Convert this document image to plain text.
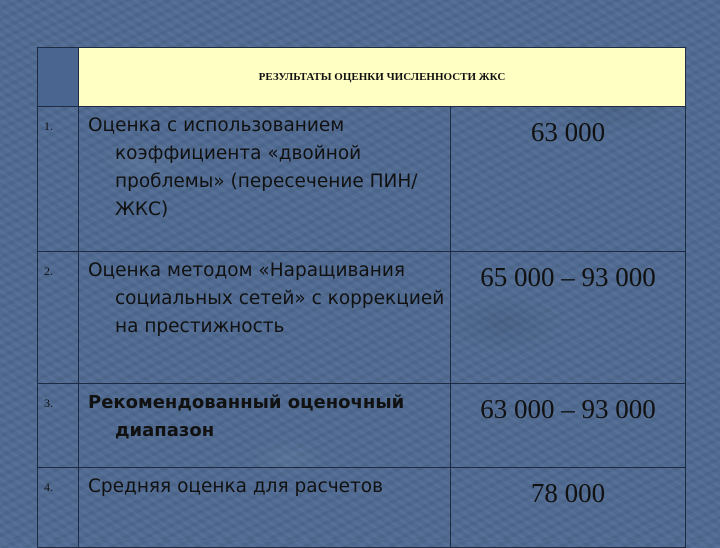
	РЕЗУЛЬТАТЫ ОЦЕНКИ ЧИСЛЕННОСТИ ЖКС	
1.	Оценка с использованием коэффициента «двойной проблемы» (пересечение ПИН/ЖКС)	63 000
2.	Оценка методом «Наращивания социальных сетей» с коррекцией на престижность	65 000 – 93 000
3.	Рекомендованный оценочный диапазон	63 000 – 93 000
4.	Средняя оценка для расчетов	78 000
